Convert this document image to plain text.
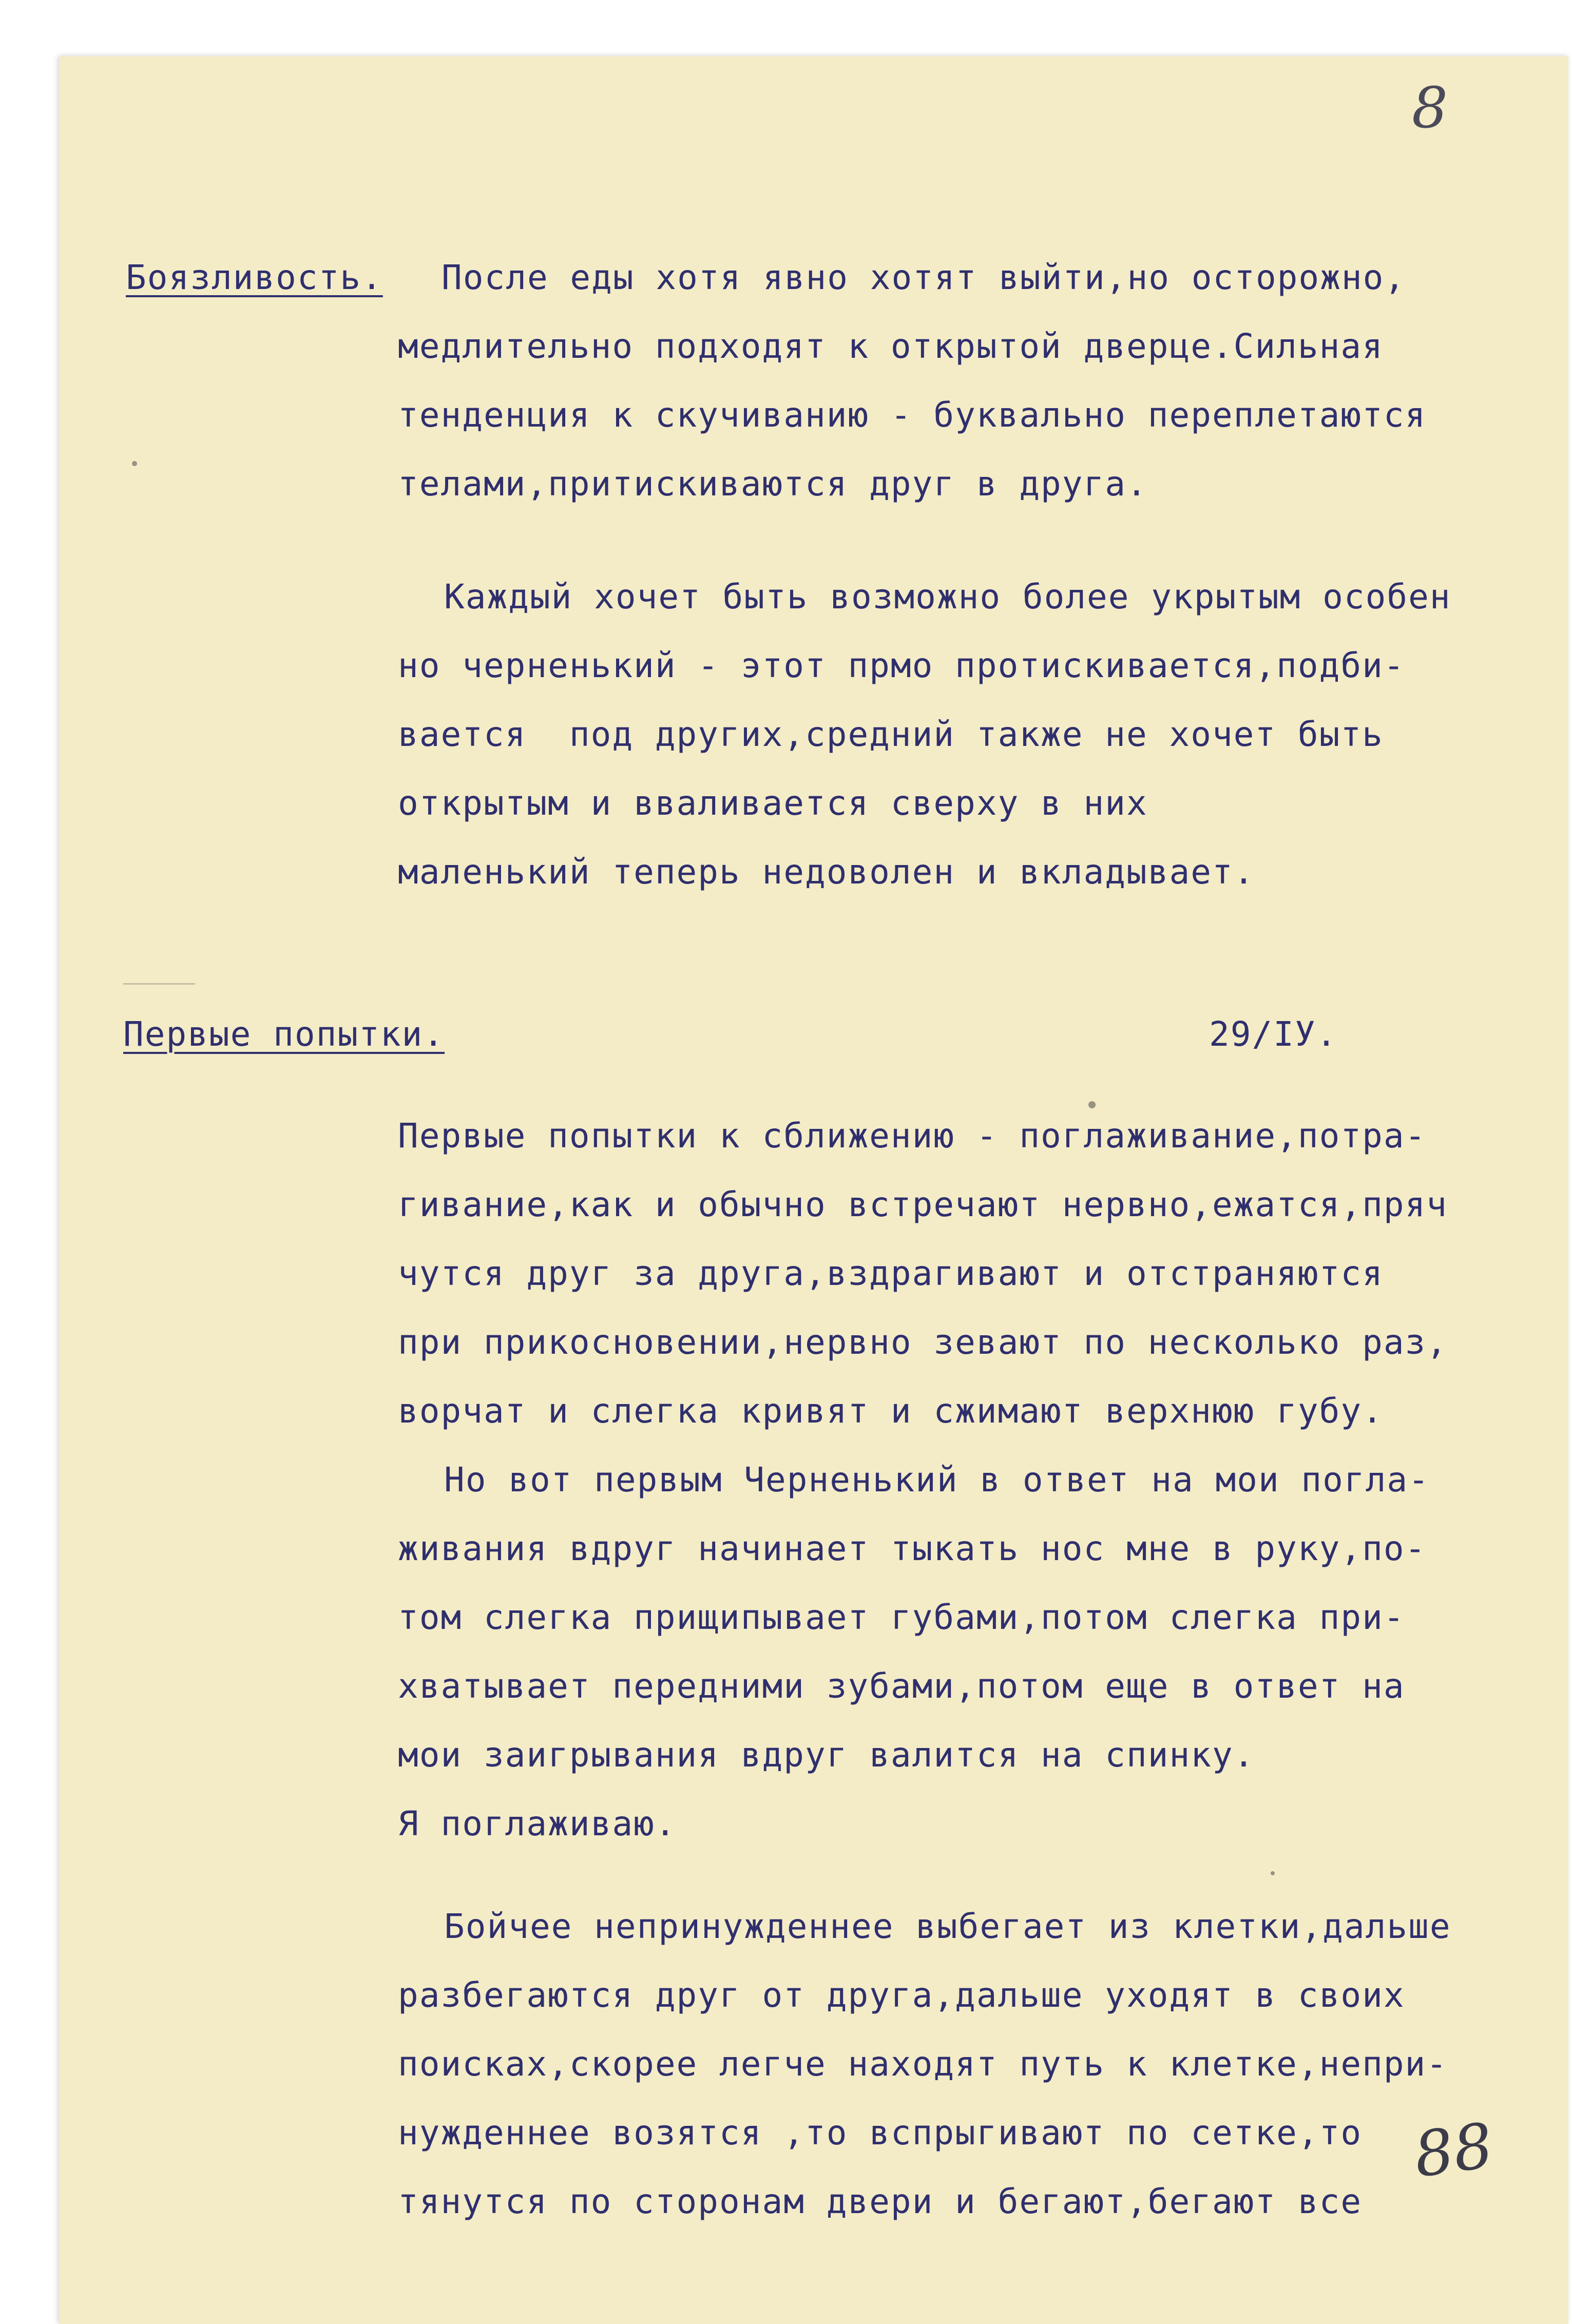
8
Боязливость. После еды хотя явно хотят выйти,но осторожно,
медлительно подходят к открытой дверце.Сильная
тенденция к скучиванию - буквально переплетаются
телами,притискиваются друг в друга.
Каждый хочет быть возможно более укрытым особен
но черненький - этот прмо протискивается,подби-
вается  под других,средний также не хочет быть
открытым и вваливается сверху в них
маленький теперь недоволен и вкладывает.
Первые попытки.	29/IУ.
Первые попытки к сближению - поглаживание,потра-
гивание,как и обычно встречают нервно,ежатся,пряч
чутся друг за друга,вздрагивают и отстраняются
при прикосновении,нервно зевают по несколько раз,
ворчат и слегка кривят и сжимают верхнюю губу.
Но вот первым Черненький в ответ на мои погла-
живания вдруг начинает тыкать нос мне в руку,по-
том слегка прищипывает губами,потом слегка при-
хватывает передними зубами,потом еще в ответ на
мои заигрывания вдруг валится на спинку.
Я поглаживаю.
Бойчее непринужденнее выбегает из клетки,дальше
разбегаются друг от друга,дальше уходят в своих
поисках,скорее легче находят путь к клетке,непри-
нужденнее возятся ,то вспрыгивают по сетке,то
тянутся по сторонам двери и бегают,бегают все
88
